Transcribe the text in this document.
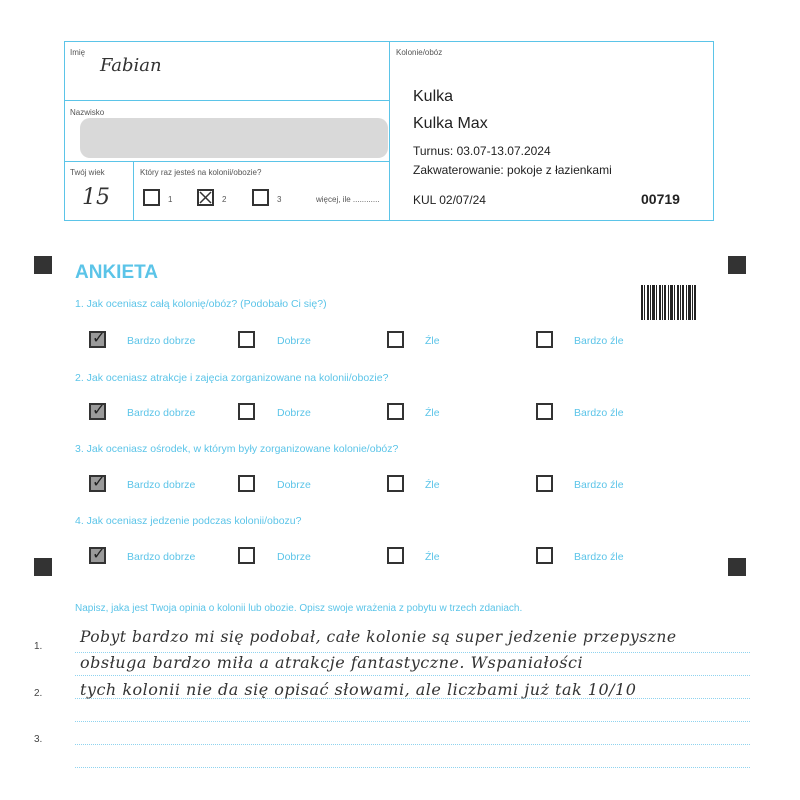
Imię
Fabian
Nazwisko
Twój wiek
15
Który raz jesteś na kolonii/obozie?
1	2	3	więcej, ile ............
Kolonie/obóz
Kulka
Kulka Max
Turnus: 03.07-13.07.2024
Zakwaterowanie: pokoje z łazienkami
KUL 02/07/24	00719
ANKIETA
1. Jak oceniasz całą kolonię/obóz? (Podobało Ci się?)
✓
Bardzo dobrze	Dobrze	Źle	Bardzo źle
2. Jak oceniasz atrakcje i zajęcia zorganizowane na kolonii/obozie?
✓
Bardzo dobrze	Dobrze	Źle	Bardzo źle
3. Jak oceniasz ośrodek, w którym były zorganizowane kolonie/obóz?
✓
Bardzo dobrze	Dobrze	Źle	Bardzo źle
4. Jak oceniasz jedzenie podczas kolonii/obozu?
✓
Bardzo dobrze	Dobrze	Źle	Bardzo źle
Napisz, jaka jest Twoja opinia o kolonii lub obozie. Opisz swoje wrażenia z pobytu w trzech zdaniach.
1.
2.
3.
Pobyt bardzo mi się podobał, całe kolonie są super jedzenie przepyszne
obsługa bardzo miła a atrakcje fantastyczne. Wspaniałości
tych kolonii nie da się opisać słowami, ale liczbami już tak 10/10
